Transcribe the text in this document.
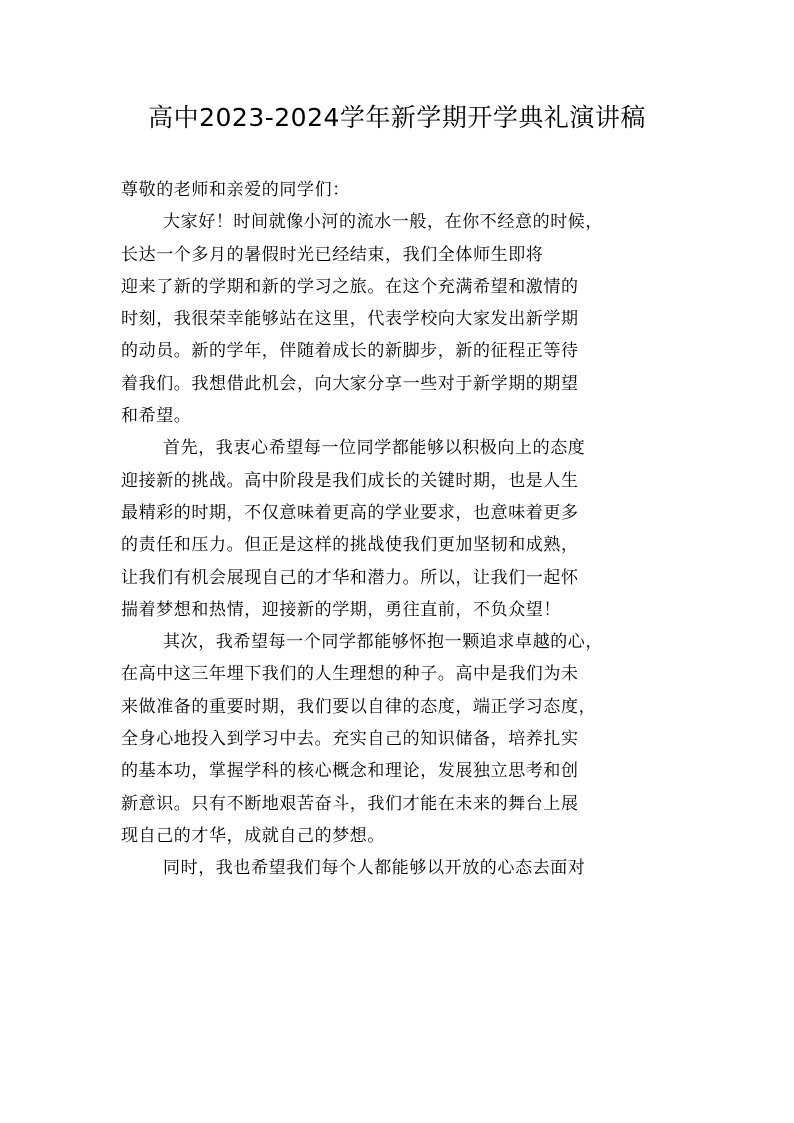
高中2023-2024学年新学期开学典礼演讲稿
尊敬的老师和亲爱的同学们：
大家好！时间就像小河的流水一般，在你不经意的时候，
长达一个多月的暑假时光已经结束，我们全体师生即将
迎来了新的学期和新的学习之旅。在这个充满希望和激情的
时刻，我很荣幸能够站在这里，代表学校向大家发出新学期
的动员。新的学年，伴随着成长的新脚步，新的征程正等待
着我们。我想借此机会，向大家分享一些对于新学期的期望
和希望。
首先，我衷心希望每一位同学都能够以积极向上的态度
迎接新的挑战。高中阶段是我们成长的关键时期，也是人生
最精彩的时期，不仅意味着更高的学业要求，也意味着更多
的责任和压力。但正是这样的挑战使我们更加坚韧和成熟，
让我们有机会展现自己的才华和潜力。所以，让我们一起怀
揣着梦想和热情，迎接新的学期，勇往直前，不负众望！
其次，我希望每一个同学都能够怀抱一颗追求卓越的心，
在高中这三年埋下我们的人生理想的种子。高中是我们为未
来做准备的重要时期，我们要以自律的态度，端正学习态度，
全身心地投入到学习中去。充实自己的知识储备，培养扎实
的基本功，掌握学科的核心概念和理论，发展独立思考和创
新意识。只有不断地艰苦奋斗，我们才能在未来的舞台上展
现自己的才华，成就自己的梦想。
同时，我也希望我们每个人都能够以开放的心态去面对
